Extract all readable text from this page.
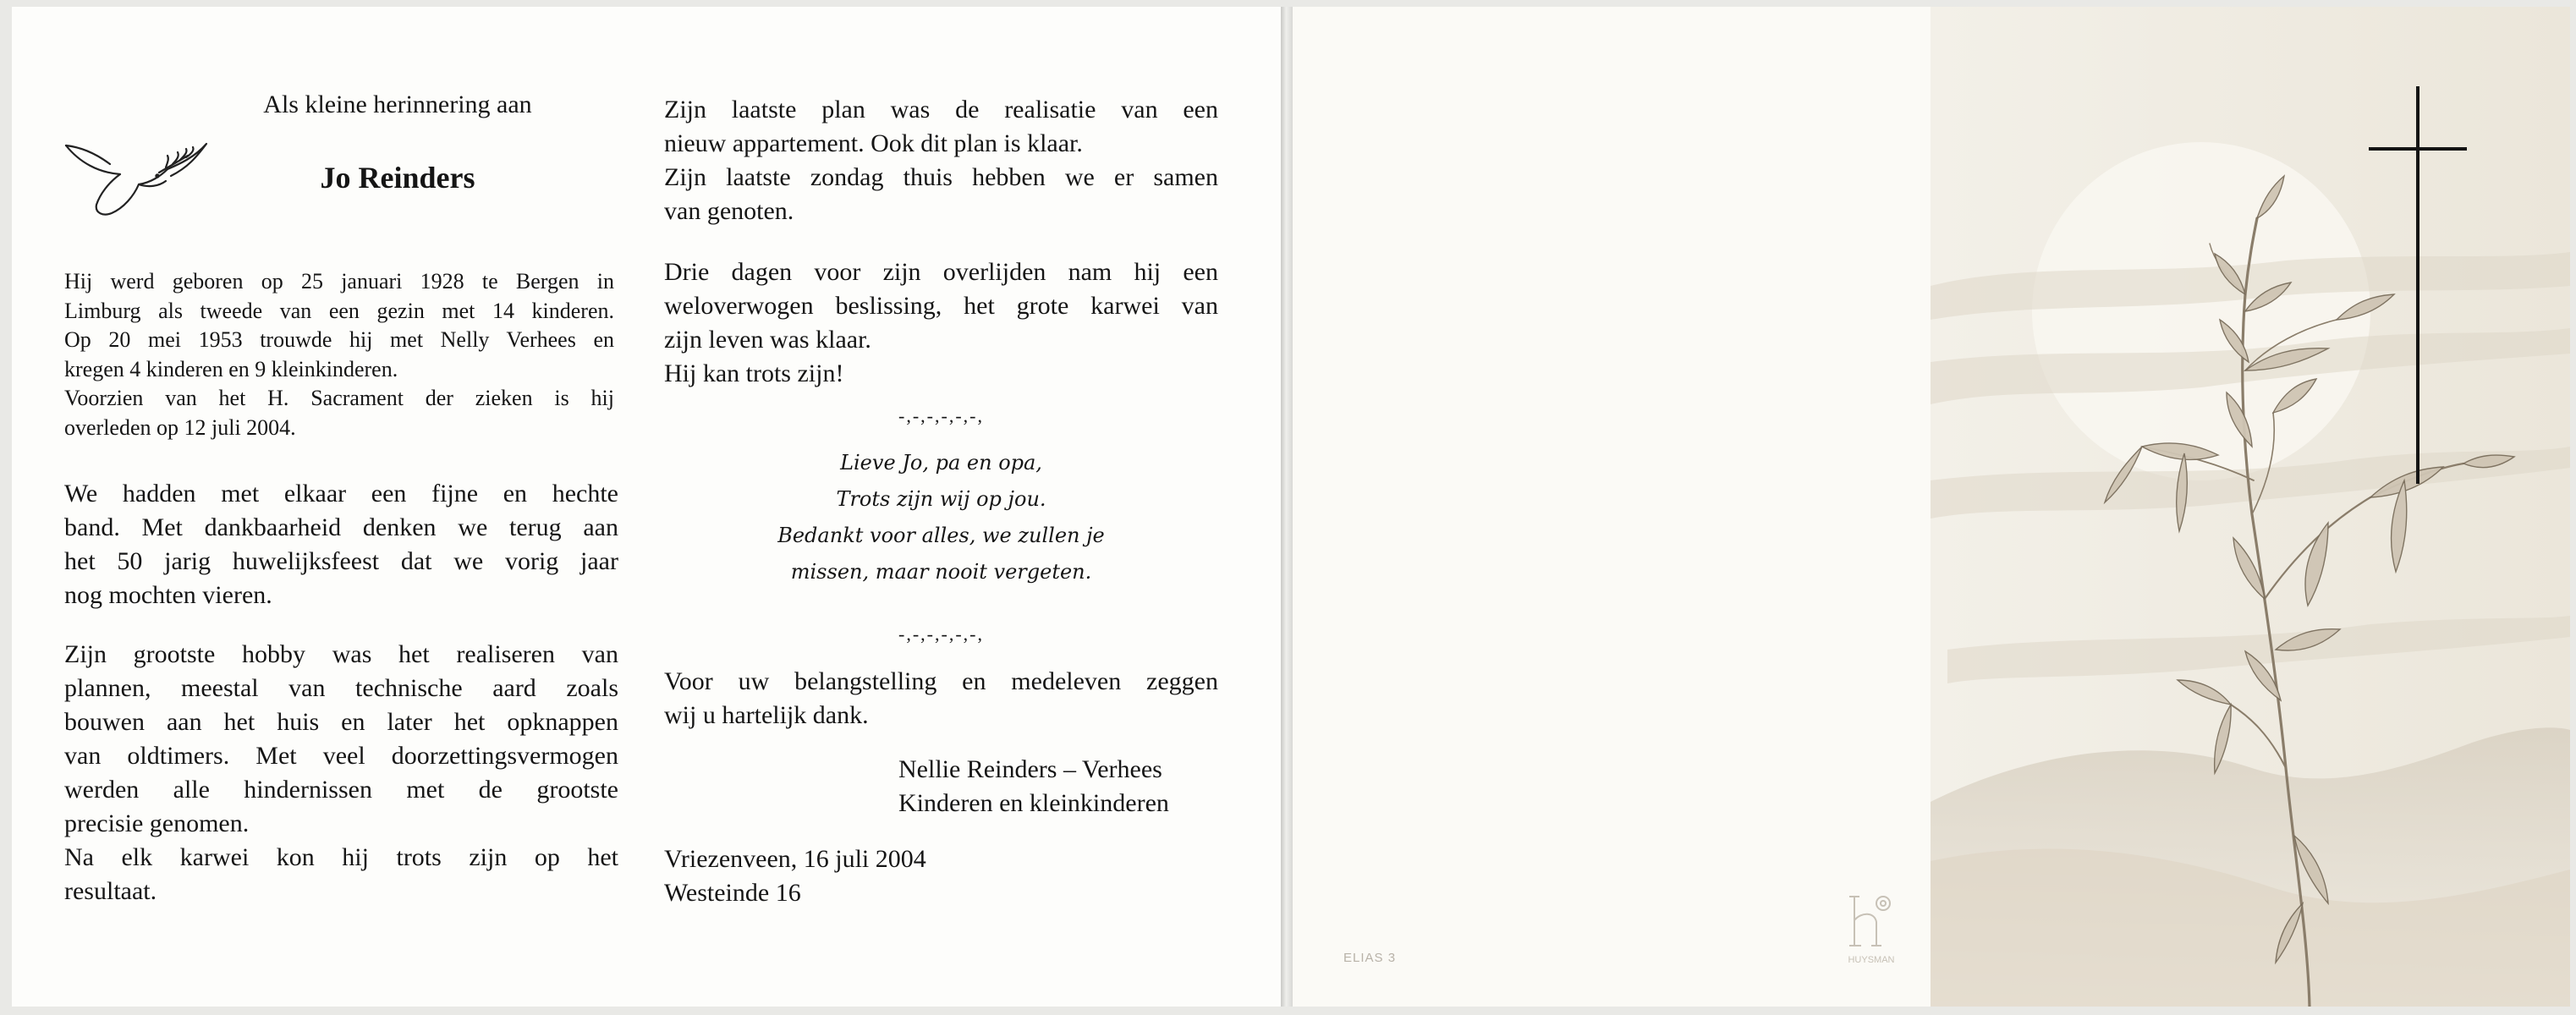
Als kleine herinnering aan
Jo Reinders
Hij werd geboren op 25 januari 1928 te Bergen in
Limburg als tweede van een gezin met 14 kinderen.
Op 20 mei 1953 trouwde hij met Nelly Verhees en
kregen 4 kinderen en 9 kleinkinderen.
Voorzien van het H. Sacrament der zieken is hij
overleden op 12 juli 2004.
We hadden met elkaar een fijne en hechte
band. Met dankbaarheid denken we terug aan
het 50 jarig huwelijksfeest dat we vorig jaar
nog mochten vieren.
Zijn grootste hobby was het realiseren van
plannen, meestal van technische aard zoals
bouwen aan het huis en later het opknappen
van oldtimers. Met veel doorzettingsvermogen
werden alle hindernissen met de grootste
precisie genomen.
Na elk karwei kon hij trots zijn op het
resultaat.
Zijn laatste plan was de realisatie van een
nieuw appartement. Ook dit plan is klaar.
Zijn laatste zondag thuis hebben we er samen
van genoten.
Drie dagen voor zijn overlijden nam hij een
weloverwogen beslissing, het grote karwei van
zijn leven was klaar.
Hij kan trots zijn!
-,-,-,-,-,-,
Lieve Jo, pa en opa,
Trots zijn wij op jou.
Bedankt voor alles, we zullen je
missen, maar nooit vergeten.
-,-,-,-,-,-,
Voor uw belangstelling en medeleven zeggen
wij u hartelijk dank.
Nellie Reinders – Verhees
Kinderen en kleinkinderen
Vriezenveen, 16 juli 2004
Westeinde 16
ELIAS 3	HUYSMAN
